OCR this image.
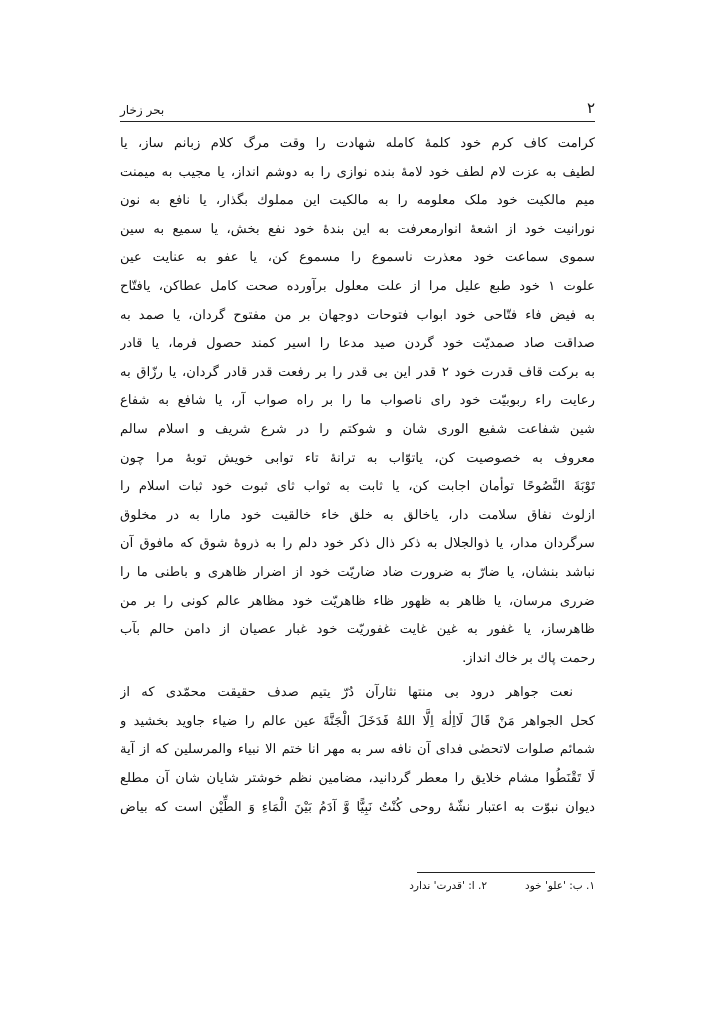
بحر زخار	۲
کرامت کاف کرم خود کلمهٔ کامله شهادت را وقت مرگ کلام زبانم ساز، یا
لطیف به عزت لام لطف خود لامهٔ بنده نوازی را به دوشم انداز، یا مجیب به میمنت
میم مالکیت خود ملک معلومه را به مالکیت این مملوك بگذار، یا نافع به نون
نورانیت خود از اشعهٔ انوارمعرفت به این بندهٔ خود نفع بخش، یا سمیع به سین
سموی سماعت خود معذرت ناسموع را مسموع کن، یا عفو به عنایت عین
علوت ۱ خود طبع علیل مرا از علت معلول برآورده صحت کامل عطاکن، یافتّاح
به فیض فاء فتّاحی خود ابواب فتوحات دوجهان بر من مفتوح گردان، یا صمد به
صداقت صاد صمدیّت خود گردن صید مدعا را اسیر کمند حصول فرما، یا قادر
به برکت قاف قدرت خود ۲ قدر این بی قدر را بر رفعت قدر قادر گردان، یا رزّاق به
رعایت راء ربوبیّت خود رای ناصواب ما را بر راه صواب آر، یا شافع به شفاع
شین شفاعت شفیع الوری شان و شوکتم را در شرع شریف و اسلام سالم
معروف به خصوصیت کن، یاتوّاب به ترانهٔ تاء توابی خویش توبهٔ مرا چون
تَوْبَةَ النَّصُوحًا توأمان اجابت کن، یا ثابت به ثواب ثای ثبوت خود ثبات اسلام را
ازلوث نفاق سلامت دار، یاخالق به خلق خاء خالقیت خود مارا به در مخلوق
سرگردان مدار، یا ذوالجلال به ذکر ذال ذکر خود دلم را به ذروهٔ شوق که مافوق آن
نباشد بنشان، یا ضارّ به ضرورت ضاد ضاریّت خود از اضرار ظاهری و باطنی ما را
ضرری مرسان، یا ظاهر به ظهور ظاء ظاهریّت خود مظاهر عالم کونی را بر من
ظاهرساز، یا غفور به غین غایت غفوریّت خود غبار عصیان از دامن حالم بآب
رحمت پاك بر خاك انداز.
نعت جواهر درود بی منتها نثارآن دُرّ یتیم صدف حقیقت محمّدی که از
کحل الجواهر مَنْ قَالَ لَااِلٰهَ اِلَّا اللهُ فَدَخَلَ الْجَنَّةَ عین عالم را ضیاء جاوید بخشید و
شمائم صلوات لاتحصٰی فدای آن نافه سر به مهر انا ختم الا نبیاء والمرسلین که از آیة
لَا تَقْنَطُوا مشام خلایق را معطر گردانید، مضامین نظم خوشتر شایان شان آن مطلع
دیوان نبوّت به اعتبار نشّهٔ روحی کُنْتُ نَبِیًّا وَّ آدَمُ بَیْنَ الْمَاءِ وَ الطِّیْن است که بیاض
۱. ب: 'علو' خود
۲. ا: 'قدرت' ندارد
